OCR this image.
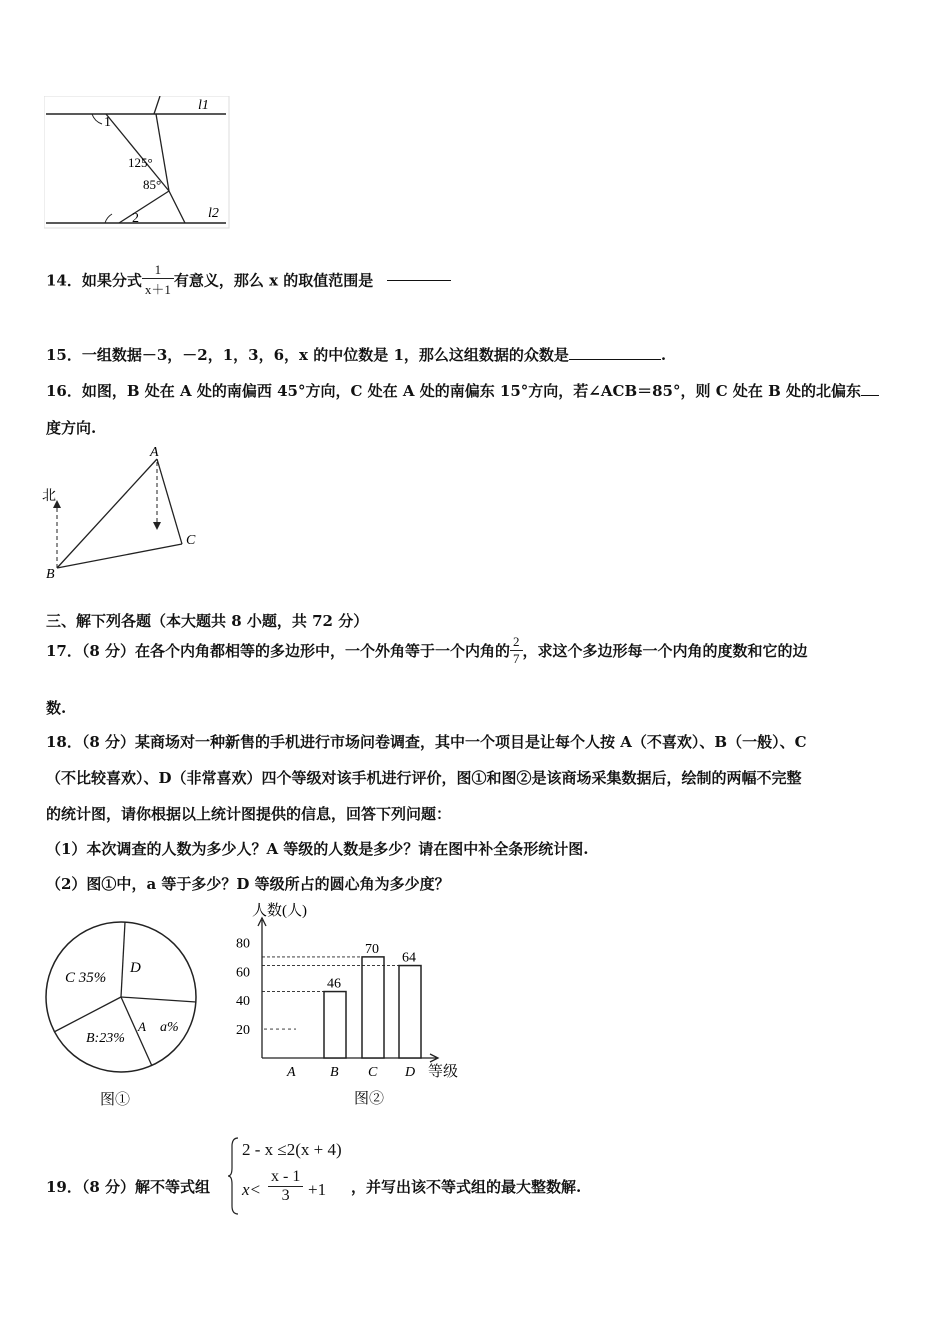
l1
l2
1
2
125°
85°
14．如果分式 $\frac{1}{x+1}$ 有意义，那么 x 的取值范围是
15．一组数据－3，－2，1，3，6，x 的中位数是 1，那么这组数据的众数是	.
16．如图，B 处在 A 处的南偏西 45°方向，C 处在 A 处的南偏东 15°方向，若∠ACB＝85°，则 C 处在 B 处的北偏东
度方向.
A
B
C
北
三、解下列各题（本大题共 8 小题，共 72 分）
17．（8 分）在各个内角都相等的多边形中，一个外角等于一个内角的 $\frac{2}{7}$ ，求这个多边形每一个内角的度数和它的边
数.
18．（8 分）某商场对一种新售的手机进行市场问卷调查，其中一个项目是让每个人按 A（不喜欢）、B（一般）、C
（不比较喜欢）、D（非常喜欢）四个等级对该手机进行评价，图①和图②是该商场采集数据后，绘制的两幅不完整
的统计图，请你根据以上统计图提供的信息，回答下列问题：
（1）本次调查的人数为多少人？A 等级的人数是多少？请在图中补全条形统计图.
（2）图①中，a 等于多少？D 等级所占的圆心角为多少度？
C 35%
D
B:23%
A a%
图①
人数(人)
等级
图②
20
40
60
80
A B
46
C
70
D
64
19．（8 分）解不等式组
2 - x ≤2(x + 4)
$x< \frac{x - 1}{3} +1$ ，并写出该不等式组的最大整数解.
